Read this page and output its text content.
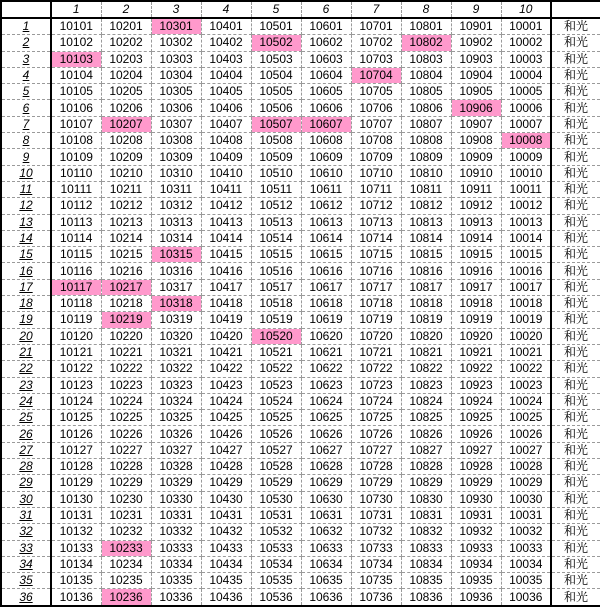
	1	2	3	4	5	6	7	8	9	10	
1	10101	10201	10301	10401	10501	10601	10701	10801	10901	10001	和光
2	10102	10202	10302	10402	10502	10602	10702	10802	10902	10002	和光
3	10103	10203	10303	10403	10503	10603	10703	10803	10903	10003	和光
4	10104	10204	10304	10404	10504	10604	10704	10804	10904	10004	和光
5	10105	10205	10305	10405	10505	10605	10705	10805	10905	10005	和光
6	10106	10206	10306	10406	10506	10606	10706	10806	10906	10006	和光
7	10107	10207	10307	10407	10507	10607	10707	10807	10907	10007	和光
8	10108	10208	10308	10408	10508	10608	10708	10808	10908	10008	和光
9	10109	10209	10309	10409	10509	10609	10709	10809	10909	10009	和光
10	10110	10210	10310	10410	10510	10610	10710	10810	10910	10010	和光
11	10111	10211	10311	10411	10511	10611	10711	10811	10911	10011	和光
12	10112	10212	10312	10412	10512	10612	10712	10812	10912	10012	和光
13	10113	10213	10313	10413	10513	10613	10713	10813	10913	10013	和光
14	10114	10214	10314	10414	10514	10614	10714	10814	10914	10014	和光
15	10115	10215	10315	10415	10515	10615	10715	10815	10915	10015	和光
16	10116	10216	10316	10416	10516	10616	10716	10816	10916	10016	和光
17	10117	10217	10317	10417	10517	10617	10717	10817	10917	10017	和光
18	10118	10218	10318	10418	10518	10618	10718	10818	10918	10018	和光
19	10119	10219	10319	10419	10519	10619	10719	10819	10919	10019	和光
20	10120	10220	10320	10420	10520	10620	10720	10820	10920	10020	和光
21	10121	10221	10321	10421	10521	10621	10721	10821	10921	10021	和光
22	10122	10222	10322	10422	10522	10622	10722	10822	10922	10022	和光
23	10123	10223	10323	10423	10523	10623	10723	10823	10923	10023	和光
24	10124	10224	10324	10424	10524	10624	10724	10824	10924	10024	和光
25	10125	10225	10325	10425	10525	10625	10725	10825	10925	10025	和光
26	10126	10226	10326	10426	10526	10626	10726	10826	10926	10026	和光
27	10127	10227	10327	10427	10527	10627	10727	10827	10927	10027	和光
28	10128	10228	10328	10428	10528	10628	10728	10828	10928	10028	和光
29	10129	10229	10329	10429	10529	10629	10729	10829	10929	10029	和光
30	10130	10230	10330	10430	10530	10630	10730	10830	10930	10030	和光
31	10131	10231	10331	10431	10531	10631	10731	10831	10931	10031	和光
32	10132	10232	10332	10432	10532	10632	10732	10832	10932	10032	和光
33	10133	10233	10333	10433	10533	10633	10733	10833	10933	10033	和光
34	10134	10234	10334	10434	10534	10634	10734	10834	10934	10034	和光
35	10135	10235	10335	10435	10535	10635	10735	10835	10935	10035	和光
36	10136	10236	10336	10436	10536	10636	10736	10836	10936	10036	和光
